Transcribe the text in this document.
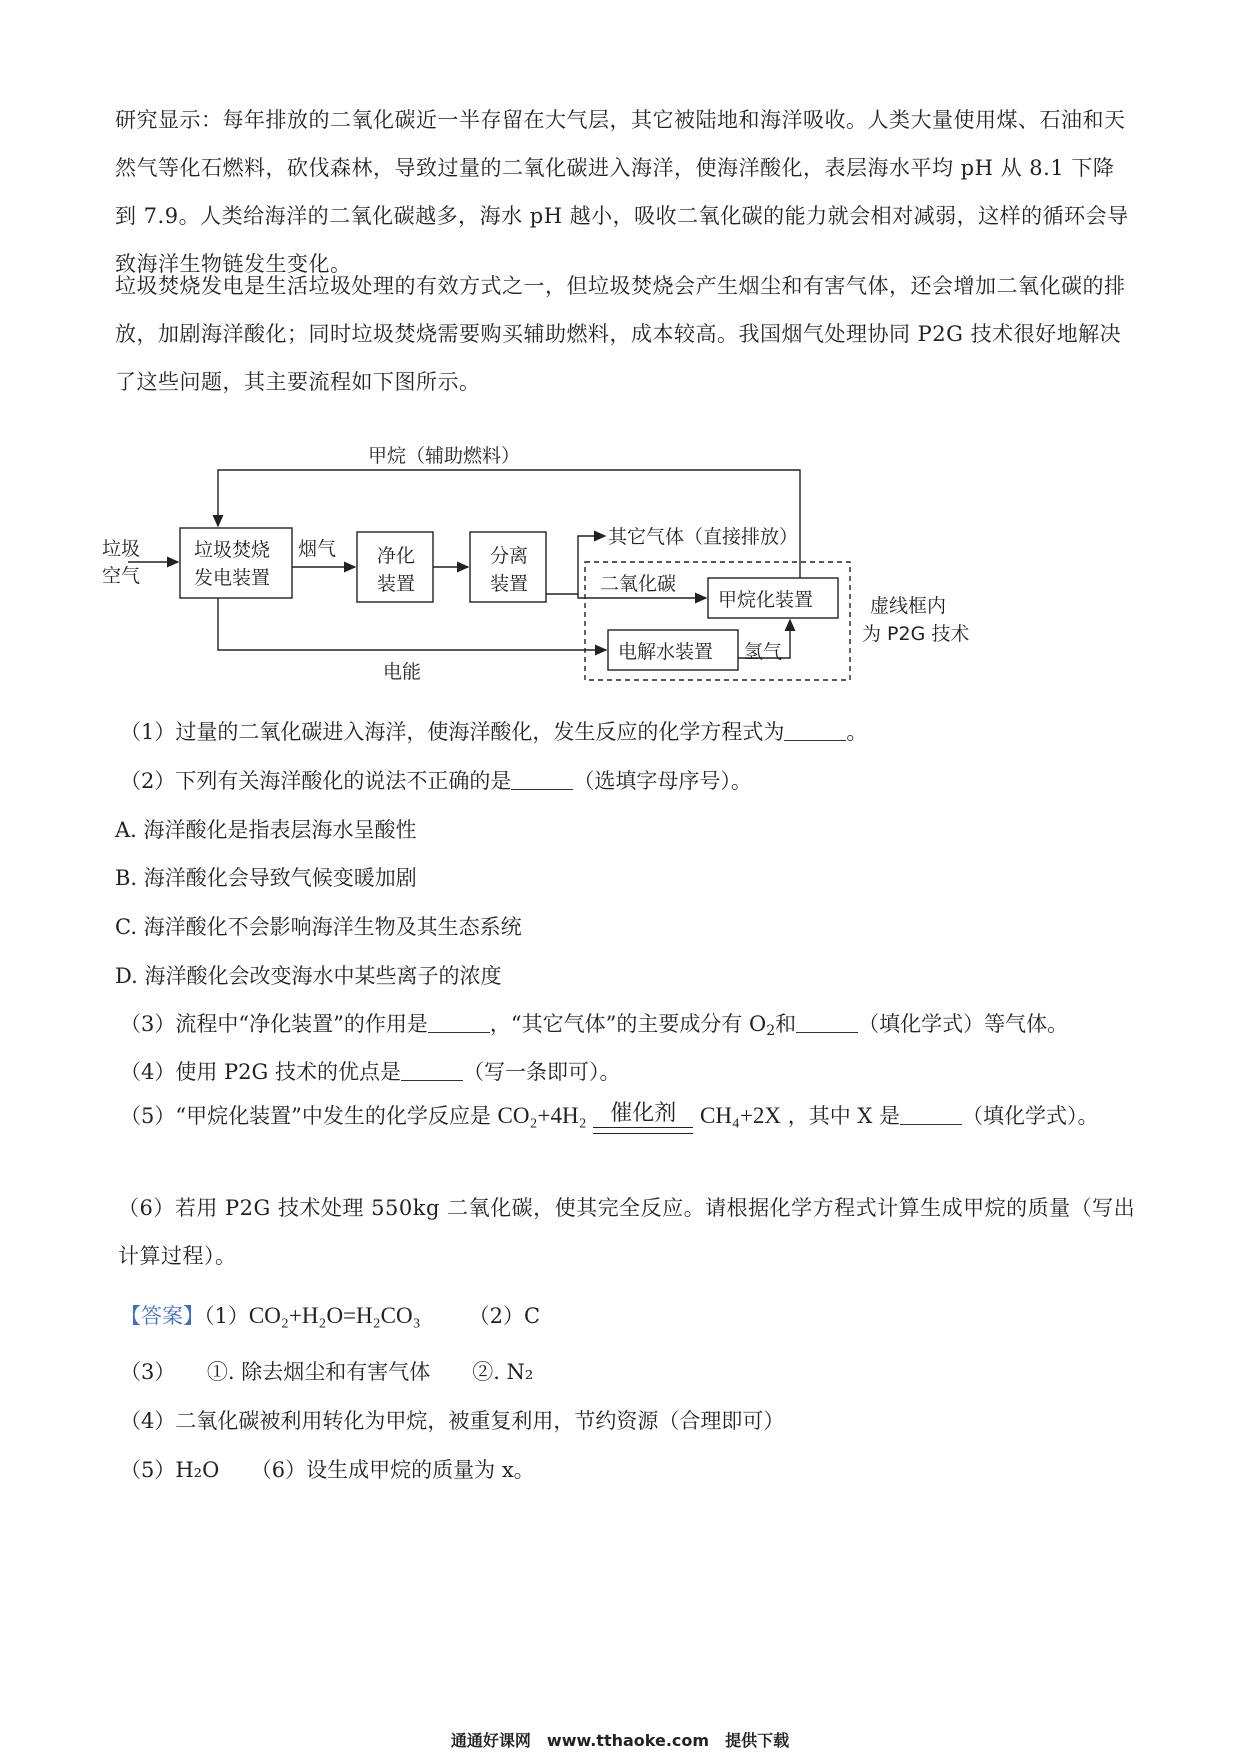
研究显示：每年排放的二氧化碳近一半存留在大气层，其它被陆地和海洋吸收。人类大量使用煤、石油和天然气等化石燃料，砍伐森林，导致过量的二氧化碳进入海洋，使海洋酸化，表层海水平均 pH 从 8.1 下降到 7.9。人类给海洋的二氧化碳越多，海水 pH 越小，吸收二氧化碳的能力就会相对减弱，这样的循环会导致海洋生物链发生变化。
垃圾焚烧发电是生活垃圾处理的有效方式之一，但垃圾焚烧会产生烟尘和有害气体，还会增加二氧化碳的排放，加剧海洋酸化；同时垃圾焚烧需要购买辅助燃料，成本较高。我国烟气处理协同 P2G 技术很好地解决了这些问题，其主要流程如下图所示。
垃圾
空气
垃圾焚烧
发电装置
烟气 净化
装置
分离
装置
其它气体（直接排放）
二氧化碳
甲烷化装置
电解水装置 氢气
甲烷（辅助燃料）
电能
虚线框内
为 P2G 技术
（1）过量的二氧化碳进入海洋，使海洋酸化，发生反应的化学方程式为	。
（2）下列有关海洋酸化的说法不正确的是	（选填字母序号）。
A. 海洋酸化是指表层海水呈酸性
B. 海洋酸化会导致气候变暖加剧
C. 海洋酸化不会影响海洋生物及其生态系统
D. 海洋酸化会改变海水中某些离子的浓度
（3）流程中“净化装置”的作用是	，“其它气体”的主要成分有 $O_2$和	（填化学式）等气体。
（4）使用 P2G 技术的优点是	（写一条即可）。
（5）“甲烷化装置”中发生的化学反应是 CO₂+4H₂	催化剂	CH₄+2X ，其中 X 是	（填化学式）。
（6）若用 P2G 技术处理 550kg 二氧化碳，使其完全反应。请根据化学方程式计算生成甲烷的质量（写出计算过程）。
【答案】（1）CO₂+H₂O=H₂CO₃ （2）C
（3）　　①. 除去烟尘和有害气体　　②. N₂
（4）二氧化碳被利用转化为甲烷，被重复利用，节约资源（合理即可）
（5）H₂O　　（6）设生成甲烷的质量为 x。
通通好课网　www.tthaoke.com　提供下载
